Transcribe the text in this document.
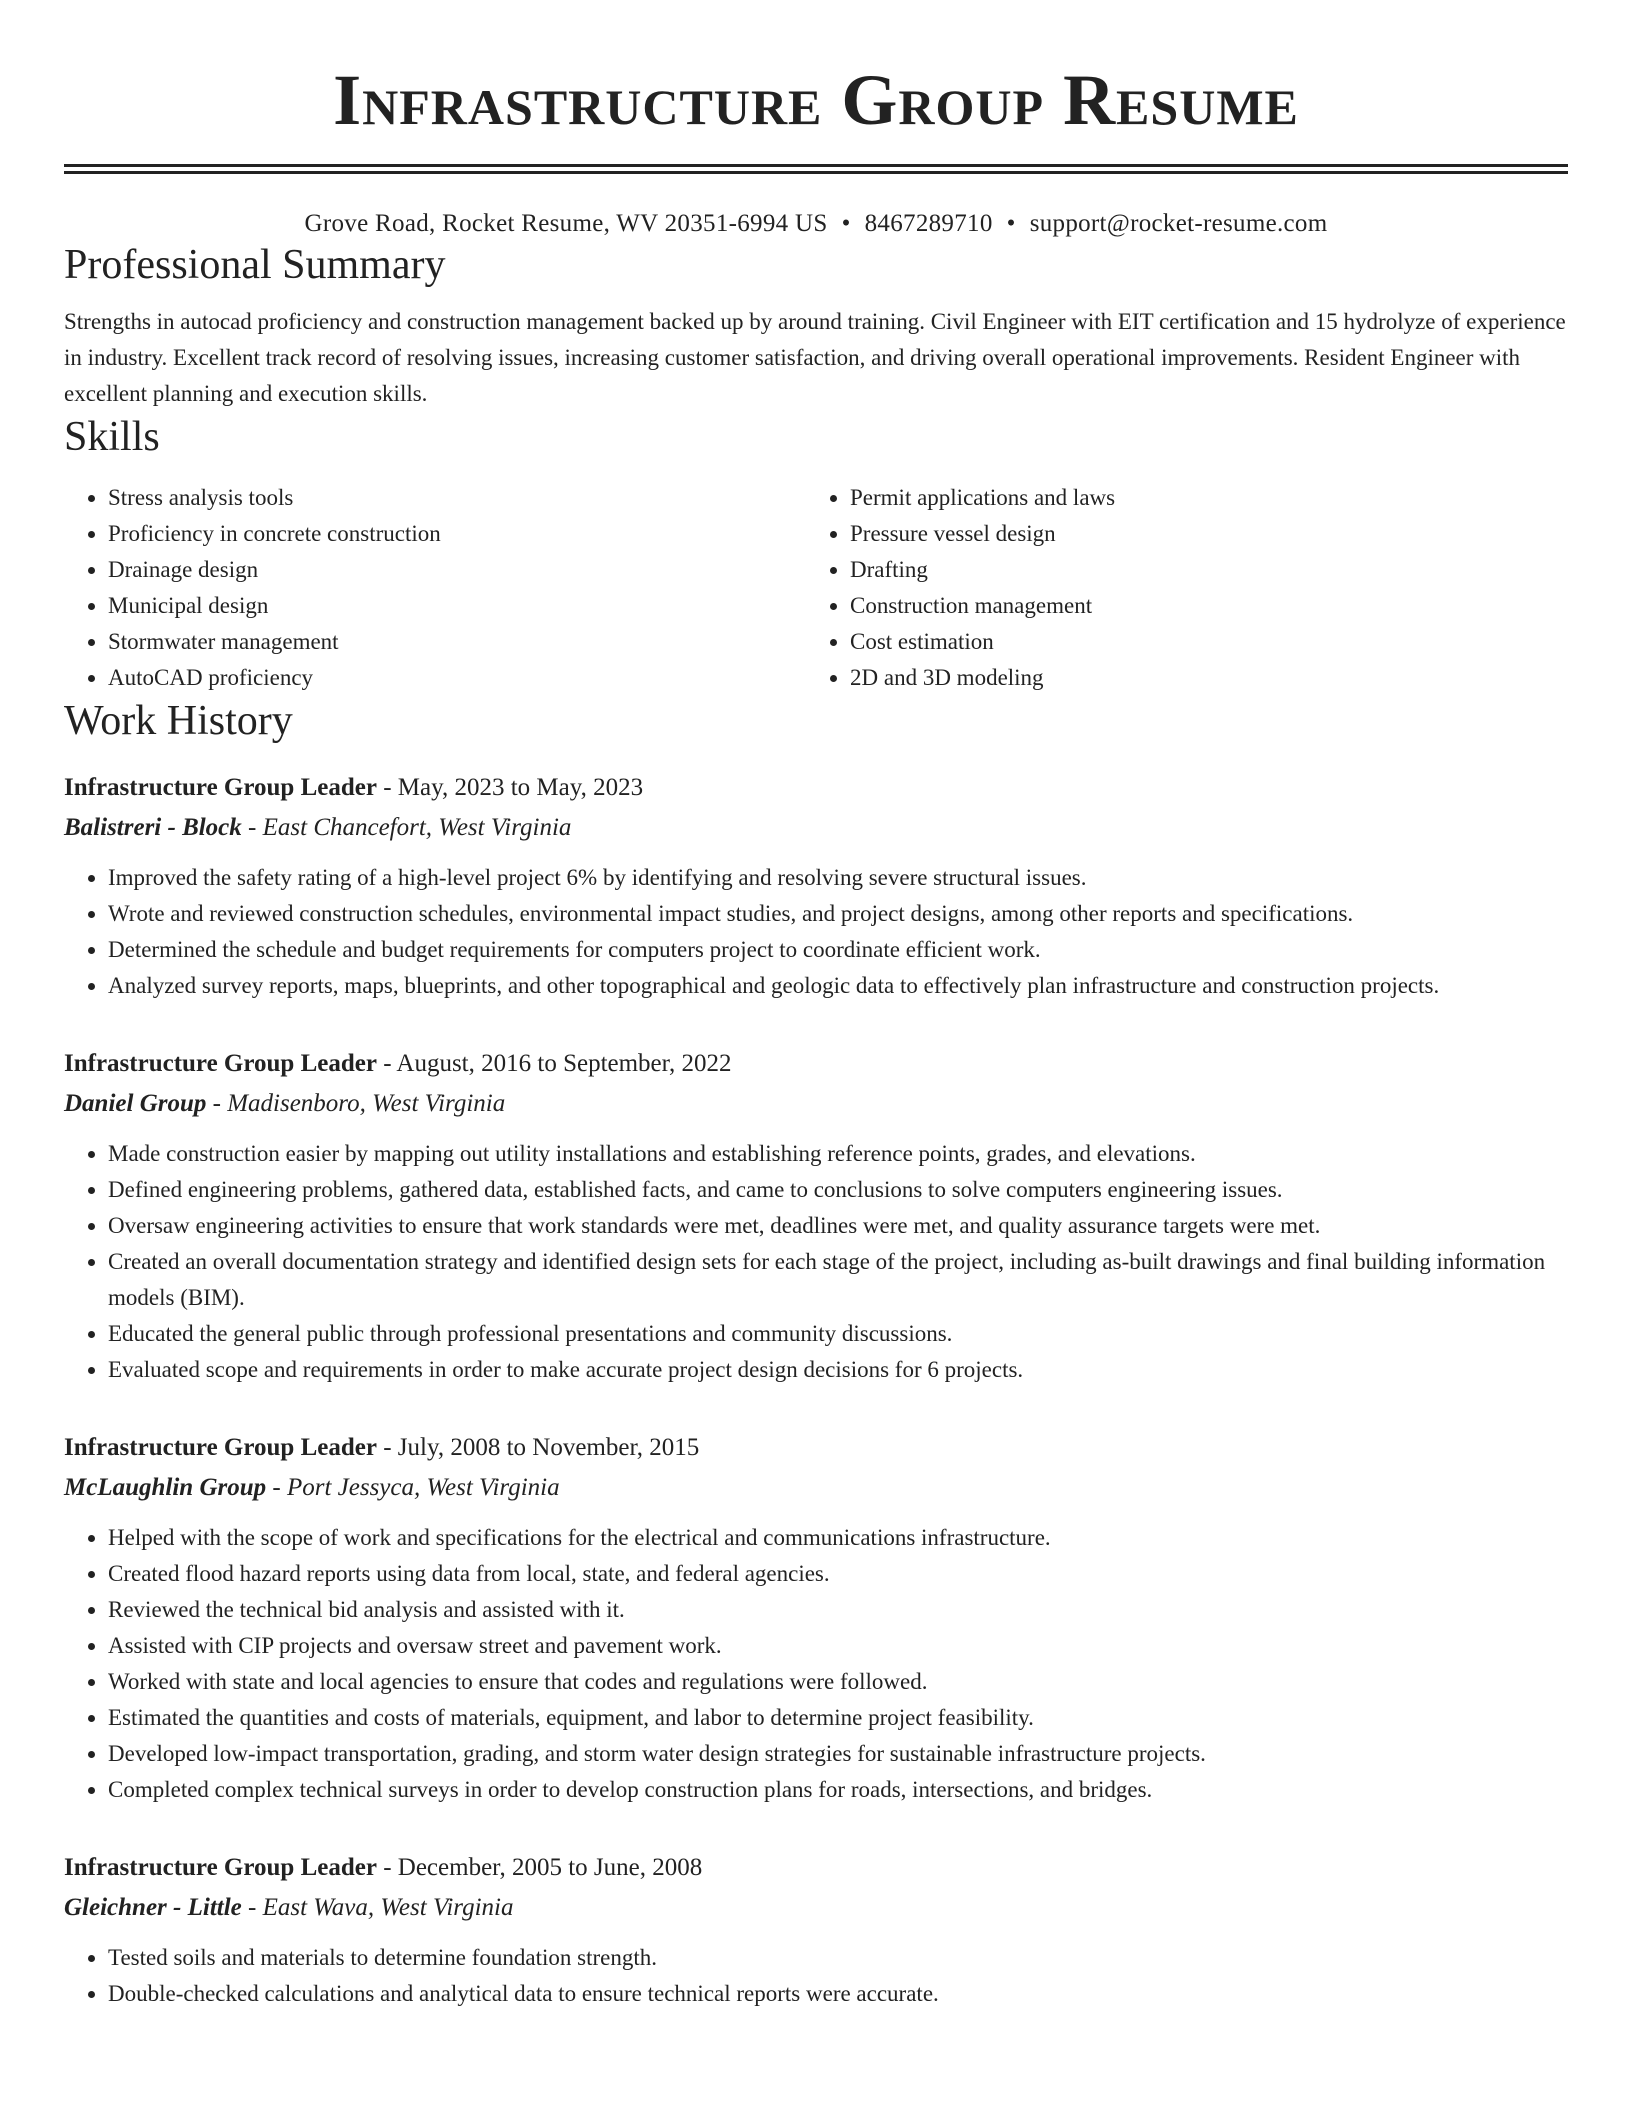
Infrastructure Group Resume
Grove Road, Rocket Resume, WV 20351-6994 US • 8467289710 • support@rocket-resume.com
Professional Summary

Strengths in autocad proficiency and construction management backed up by around training. Civil Engineer with EIT certification and 15 hydrolyze of experience in industry. Excellent track record of resolving issues, increasing customer satisfaction, and driving overall operational improvements. Resident Engineer with excellent planning and execution skills.

Skills
• Stress analysis tools
• Proficiency in concrete construction
• Drainage design
• Municipal design
• Stormwater management
• AutoCAD proficiency
• Permit applications and laws
• Pressure vessel design
• Drafting
• Construction management
• Cost estimation
• 2D and 3D modeling
Work History
Infrastructure Group Leader - May, 2023 to May, 2023
Balistreri - Block - East Chancefort, West Virginia
• Improved the safety rating of a high-level project 6% by identifying and resolving severe structural issues.
• Wrote and reviewed construction schedules, environmental impact studies, and project designs, among other reports and specifications.
• Determined the schedule and budget requirements for computers project to coordinate efficient work.
• Analyzed survey reports, maps, blueprints, and other topographical and geologic data to effectively plan infrastructure and construction projects.
Infrastructure Group Leader - August, 2016 to September, 2022
Daniel Group - Madisenboro, West Virginia
• Made construction easier by mapping out utility installations and establishing reference points, grades, and elevations.
• Defined engineering problems, gathered data, established facts, and came to conclusions to solve computers engineering issues.
• Oversaw engineering activities to ensure that work standards were met, deadlines were met, and quality assurance targets were met.
• Created an overall documentation strategy and identified design sets for each stage of the project, including as-built drawings and final building information models (BIM).
• Educated the general public through professional presentations and community discussions.
• Evaluated scope and requirements in order to make accurate project design decisions for 6 projects.
Infrastructure Group Leader - July, 2008 to November, 2015
McLaughlin Group - Port Jessyca, West Virginia
• Helped with the scope of work and specifications for the electrical and communications infrastructure.
• Created flood hazard reports using data from local, state, and federal agencies.
• Reviewed the technical bid analysis and assisted with it.
• Assisted with CIP projects and oversaw street and pavement work.
• Worked with state and local agencies to ensure that codes and regulations were followed.
• Estimated the quantities and costs of materials, equipment, and labor to determine project feasibility.
• Developed low-impact transportation, grading, and storm water design strategies for sustainable infrastructure projects.
• Completed complex technical surveys in order to develop construction plans for roads, intersections, and bridges.
Infrastructure Group Leader - December, 2005 to June, 2008
Gleichner - Little - East Wava, West Virginia
• Tested soils and materials to determine foundation strength.
• Double-checked calculations and analytical data to ensure technical reports were accurate.
